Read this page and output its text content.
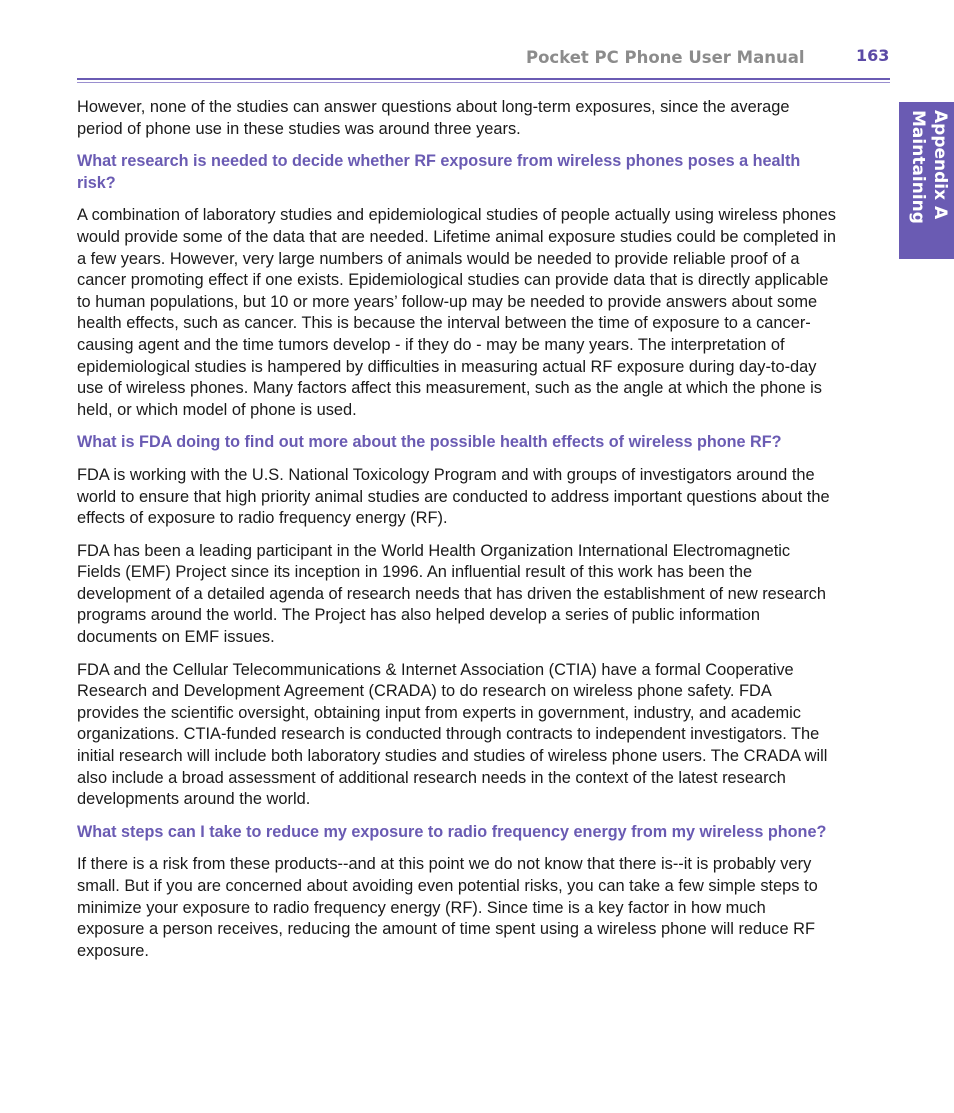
Pocket PC Phone User Manual	163
Appendix A
Maintaining

However, none of the studies can answer questions about long-term exposures, since the average period of phone use in these studies was around three years.

What research is needed to decide whether RF exposure from wireless phones poses a health risk?

A combination of laboratory studies and epidemiological studies of people actually using wireless phones would provide some of the data that are needed. Lifetime animal exposure studies could be completed in a few years. However, very large numbers of animals would be needed to provide reliable proof of a cancer promoting effect if one exists. Epidemiological studies can provide data that is directly applicable to human populations, but 10 or more years’ follow-up may be needed to provide answers about some health effects, such as cancer. This is because the interval between the time of exposure to a cancer-causing agent and the time tumors develop - if they do - may be many years. The interpretation of epidemiological studies is hampered by difficulties in measuring actual RF exposure during day-to-day use of wireless phones. Many factors affect this measurement, such as the angle at which the phone is held, or which model of phone is used.

What is FDA doing to find out more about the possible health effects of wireless phone RF?

FDA is working with the U.S. National Toxicology Program and with groups of investigators around the world to ensure that high priority animal studies are conducted to address important questions about the effects of exposure to radio frequency energy (RF).

FDA has been a leading participant in the World Health Organization International Electromagnetic Fields (EMF) Project since its inception in 1996. An influential result of this work has been the development of a detailed agenda of research needs that has driven the establishment of new research programs around the world. The Project has also helped develop a series of public information documents on EMF issues.

FDA and the Cellular Telecommunications & Internet Association (CTIA) have a formal Cooperative Research and Development Agreement (CRADA) to do research on wireless phone safety. FDA provides the scientific oversight, obtaining input from experts in government, industry, and academic organizations. CTIA-funded research is conducted through contracts to independent investigators. The initial research will include both laboratory studies and studies of wireless phone users. The CRADA will also include a broad assessment of additional research needs in the context of the latest research developments around the world.

What steps can I take to reduce my exposure to radio frequency energy from my wireless phone?

If there is a risk from these products--and at this point we do not know that there is--it is probably very small. But if you are concerned about avoiding even potential risks, you can take a few simple steps to minimize your exposure to radio frequency energy (RF). Since time is a key factor in how much exposure a person receives, reducing the amount of time spent using a wireless phone will reduce RF exposure.
